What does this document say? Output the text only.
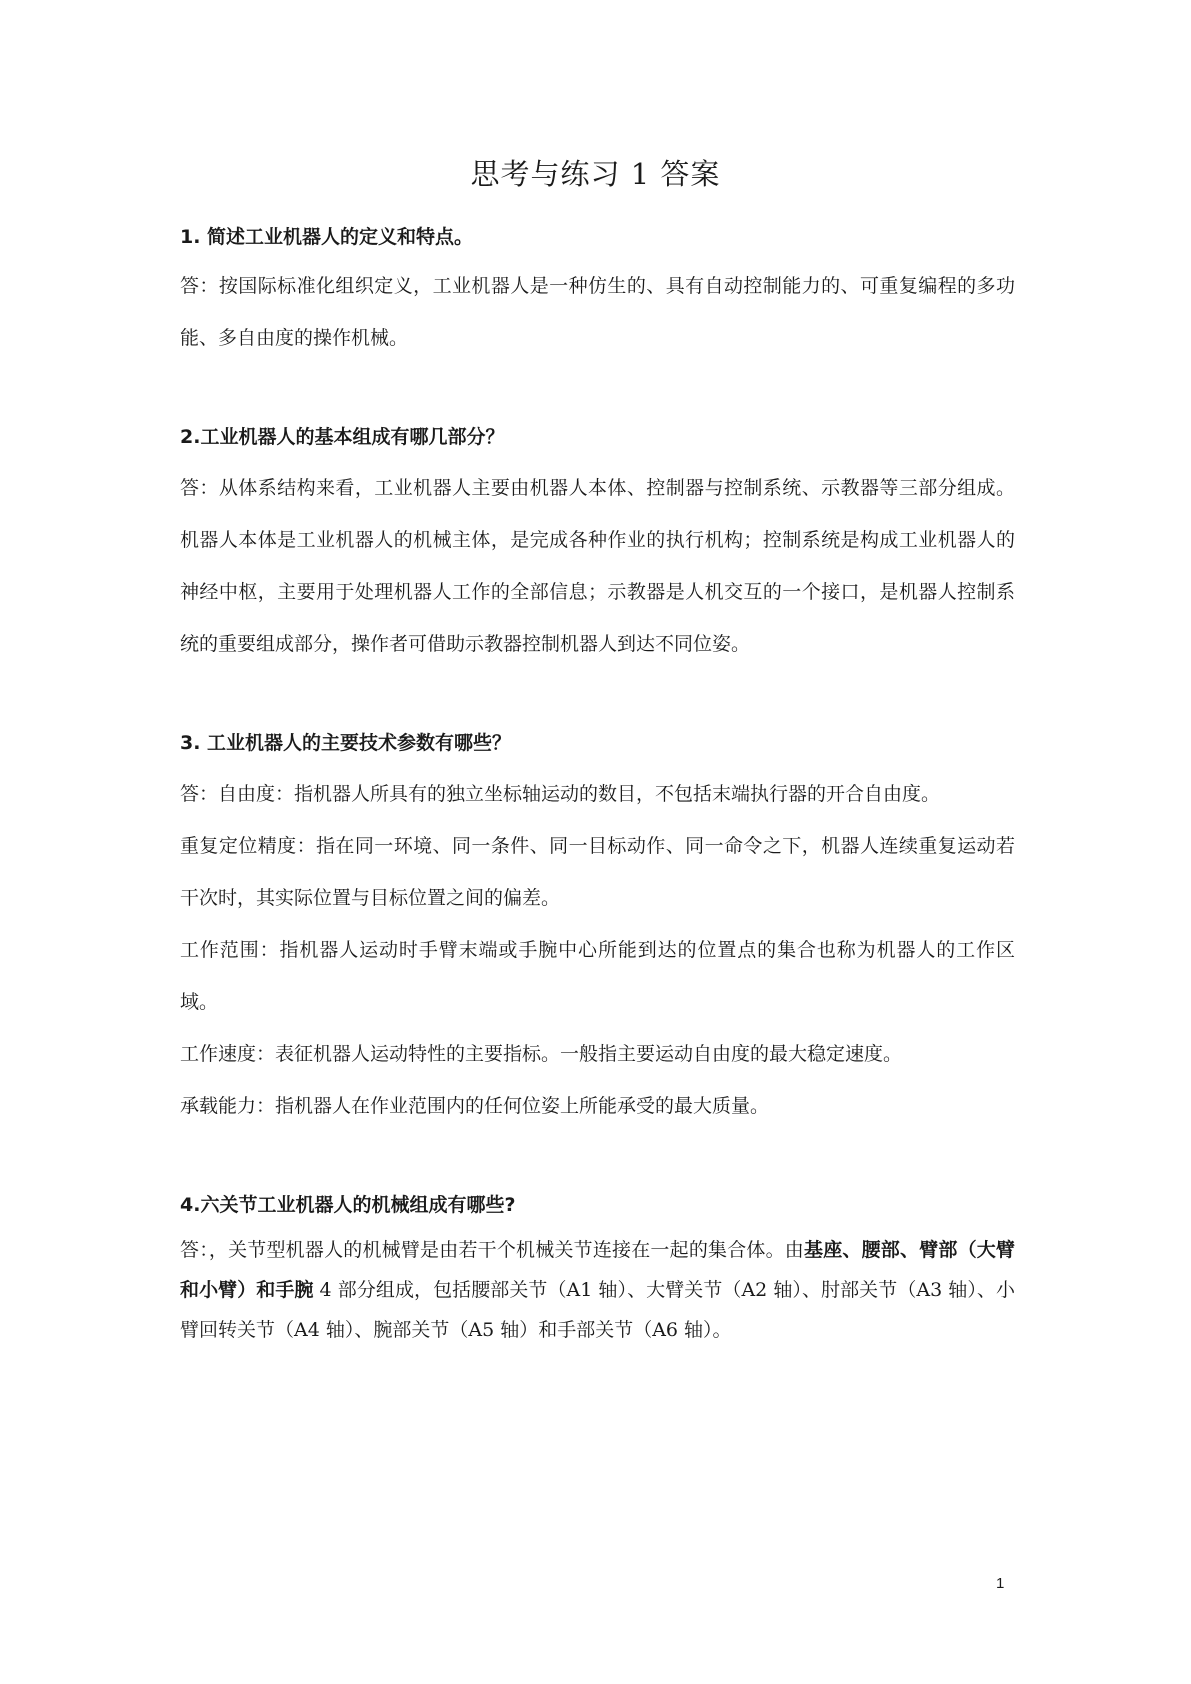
思考与练习 1 答案

1. 简述工业机器人的定义和特点。

答：按国际标准化组织定义，工业机器人是一种仿生的、具有自动控制能力的、可重复编程的多功能、多自由度的操作机械。

2.工业机器人的基本组成有哪几部分？

答：从体系结构来看，工业机器人主要由机器人本体、控制器与控制系统、示教器等三部分组成。机器人本体是工业机器人的机械主体，是完成各种作业的执行机构；控制系统是构成工业机器人的神经中枢，主要用于处理机器人工作的全部信息；示教器是人机交互的一个接口，是机器人控制系统的重要组成部分，操作者可借助示教器控制机器人到达不同位姿。

3. 工业机器人的主要技术参数有哪些？

答：自由度：指机器人所具有的独立坐标轴运动的数目，不包括末端执行器的开合自由度。

重复定位精度：指在同一环境、同一条件、同一目标动作、同一命令之下，机器人连续重复运动若干次时，其实际位置与目标位置之间的偏差。

工作范围：指机器人运动时手臂末端或手腕中心所能到达的位置点的集合也称为机器人的工作区域。

工作速度：表征机器人运动特性的主要指标。一般指主要运动自由度的最大稳定速度。

承载能力：指机器人在作业范围内的任何位姿上所能承受的最大质量。

4.六关节工业机器人的机械组成有哪些?

答：，关节型机器人的机械臂是由若干个机械关节连接在一起的集合体。由基座、腰部、臂部（大臂和小臂）和手腕 4 部分组成，包括腰部关节（A1 轴）、大臂关节（A2 轴）、肘部关节（A3 轴）、小臂回转关节（A4 轴）、腕部关节（A5 轴）和手部关节（A6 轴）。

1
